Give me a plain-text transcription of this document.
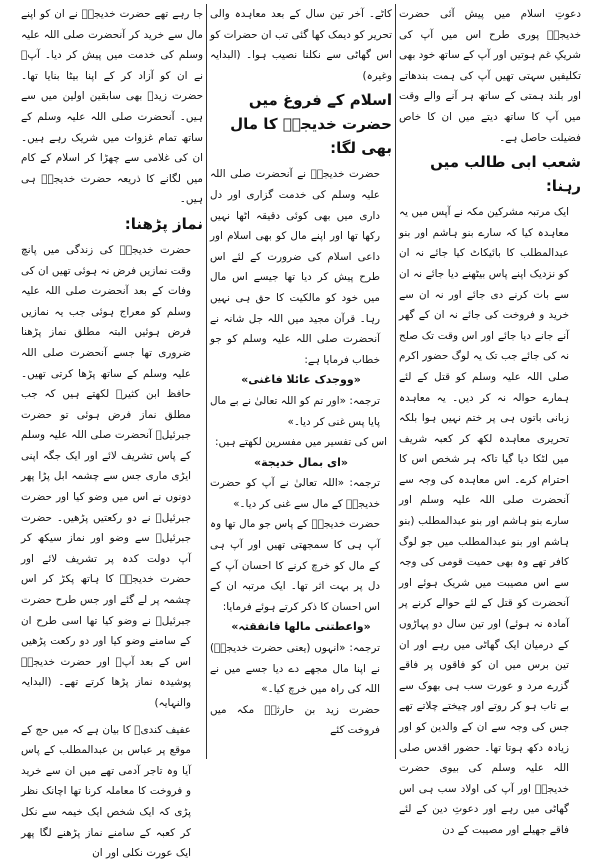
دعوتِ اسلام میں پیش آئی حضرت خدیجہؓ پوری طرح اس میں آپ کی شریکِ غم ہوتیں اور آپ کے ساتھ خود بھی تکلیفیں سہتی تھیں آپ کی ہمت بندھاتے اور بلند ہمتی کے ساتھ ہر آنے والے وقت میں آپ کا ساتھ دیتے میں ان کا خاص فضیلت حاصل ہے۔

شعب ابی طالب میں رہنا:

ایک مرتبہ مشرکین مکہ نے آپس میں یہ معاہدہ کیا کہ سارے بنو ہاشم اور بنو عبدالمطلب کا بائیکاٹ کیا جائے نہ ان کو نزدیک اپنے پاس بیٹھنے دیا جائے نہ ان سے بات کرنے دی جائے اور نہ ان سے خرید و فروخت کی جائے نہ ان کے گھر آنے جانے دیا جائے اور اس وقت تک صلح نہ کی جائے جب تک یہ لوگ حضور اکرم صلی اللہ علیہ وسلم کو قتل کے لئے ہمارے حوالہ نہ کر دیں۔ یہ معاہدہ زبانی باتوں ہی پر ختم نہیں ہوا بلکہ تحریری معاہدہ لکھ کر کعبہ شریف میں لٹکا دیا گیا تاکہ ہر شخص اس کا احترام کرے۔ اس معاہدہ کی وجہ سے آنحضرت صلی اللہ علیہ وسلم اور سارے بنو ہاشم اور بنو عبدالمطلب (بنو ہاشم اور بنو عبدالمطلب میں جو لوگ کافر تھے وہ بھی حمیت قومی کی وجہ سے اس مصیبت میں شریک ہوئے اور آنحضرت کو قتل کے لئے حوالے کرنے پر آمادہ نہ ہوئے) اور تین سال دو پہاڑوں کے درمیان ایک گھاٹی میں رہے اور ان تین برس میں ان کو فاقوں پر فاقے گزرے مرد و عورت سب ہی بھوک سے بے تاب ہو کر روتے اور چیختے چلاتے تھے جس کی وجہ سے ان کے والدین کو اور زیادہ دکھ ہوتا تھا۔ حضور اقدس صلی اللہ علیہ وسلم کی بیوی حضرت خدیجہؓ اور آپ کی اولاد سب ہی اس گھاٹی میں رہے اور دعوتِ دین کے لئے فاقے جھیلے اور مصیبت کے دن

کاٹے۔ آخر تین سال کے بعد معاہدہ والی تحریر کو دیمک کھا گئی تب ان حضرات کو اس گھاٹی سے نکلنا نصیب ہوا۔ (البدایہ وغیرہ)

اسلام کے فروغ میں حضرت خدیجہؓ کا مال بھی لگا:

حضرت خدیجہؓ نے آنحضرت صلی اللہ علیہ وسلم کی خدمت گزاری اور دل داری میں بھی کوئی دقیقہ اٹھا نہیں رکھا تھا اور اپنے مال کو بھی اسلام اور داعی اسلام کی ضرورت کے لئے اس طرح پیش کر دیا تھا جیسے اس مال میں خود کو مالکیت کا حق ہی نہیں رہا۔ قرآن مجید میں اللہ جل شانہ نے آنحضرت صلی اللہ علیہ وسلم کو جو خطاب فرمایا ہے:

«ووجدک عائلا فاغنی»

ترجمہ: «اور تم کو اللہ تعالیٰ نے بے مال پایا پس غنی کر دیا۔»

اس کی تفسیر میں مفسرین لکھتے ہیں:

«ای بمال خدیجة»

ترجمہ: «اللہ تعالیٰ نے آپ کو حضرت خدیجہؓ کے مال سے غنی کر دیا۔»

حضرت خدیجہؓ کے پاس جو مال تھا وہ آپ ہی کا سمجھتی تھیں اور آپ ہی کے مال کو خرچ کرنے کا احسان آپ کے دل پر بہت اثر تھا۔ ایک مرتبہ ان کے اس احسان کا ذکر کرتے ہوئے فرمایا:

«واعطتنی مالھا فانفقتہ»

ترجمہ: «انہوں (یعنی حضرت خدیجہؓ) نے اپنا مال مجھے دے دیا جسے میں نے اللہ کی راہ میں خرچ کیا۔»

حضرت زید بن حارثہؓ مکہ میں فروخت کئے

جا رہے تھے حضرت خدیجہؓ نے ان کو اپنے مال سے خرید کر آنحضرت صلی اللہ علیہ وسلم کی خدمت میں پیش کر دیا۔ آپؐ نے ان کو آزاد کر کے اپنا بیٹا بنایا تھا۔ حضرت زیدؓ بھی سابقین اولین میں سے ہیں۔ آنحضرت صلی اللہ علیہ وسلم کے ساتھ تمام غزوات میں شریک رہے ہیں۔ ان کی غلامی سے چھڑا کر اسلام کے کام میں لگانے کا ذریعہ حضرت خدیجہؓ ہی ہیں۔

نماز پڑھنا:

حضرت خدیجہؓ کی زندگی میں پانچ وقت نمازیں فرض نہ ہوئی تھیں ان کی وفات کے بعد آنحضرت صلی اللہ علیہ وسلم کو معراج ہوئی جب یہ نمازیں فرض ہوئیں البتہ مطلق نماز پڑھنا ضروری تھا جسے آنحضرت صلی اللہ علیہ وسلم کے ساتھ پڑھا کرتی تھیں۔ حافظ ابن کثیرؒ لکھتے ہیں کہ جب مطلق نماز فرض ہوئی تو حضرت جبرئیلؑ آنحضرت صلی اللہ علیہ وسلم کے پاس تشریف لائے اور ایک جگہ اپنی ایڑی ماری جس سے چشمہ ابل پڑا پھر دونوں نے اس میں وضو کیا اور حضرت جبرئیلؑ نے دو رکعتیں پڑھیں۔ حضرت جبرئیلؑ سے وضو اور نماز سیکھ کر آپ دولت کدہ پر تشریف لائے اور حضرت خدیجہؓ کا ہاتھ پکڑ کر اس چشمہ پر لے گئے اور جس طرح حضرت جبرئیلؑ نے وضو کیا تھا اسی طرح ان کے سامنے وضو کیا اور دو رکعت پڑھیں اس کے بعد آپؐ اور حضرت خدیجہؓ پوشیدہ نماز پڑھا کرتے تھے۔ (البدایہ والنہایہ)

عفیف کندیؓ کا بیان ہے کہ میں حج کے موقع پر عباس بن عبدالمطلب کے پاس آیا وہ تاجر آدمی تھے میں ان سے خرید و فروخت کا معاملہ کرنا تھا اچانک نظر پڑی کہ ایک شخص ایک خیمہ سے نکل کر کعبہ کے سامنے نماز پڑھنے لگا پھر ایک عورت نکلی اور ان
